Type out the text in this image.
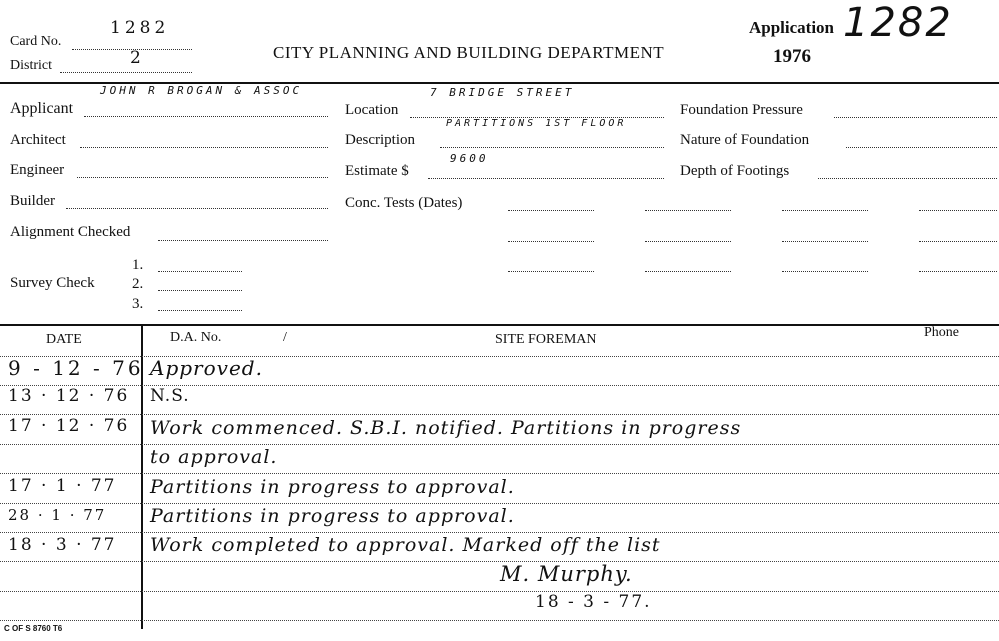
Card No.
1282
District	2	CITY PLANNING AND BUILDING DEPARTMENT
Application 1282
1976
Applicant
JOHN R BROGAN & ASSOC
Architect
Engineer
Builder
Alignment Checked
Survey Check
1.
2.
3.
Location
7 BRIDGE STREET
Description
PARTITIONS 1ST FLOOR
Estimate $
9600
Conc. Tests (Dates)
Foundation Pressure
Nature of Foundation
Depth of Footings
DATE	D.A. No.	/	SITE FOREMAN	Phone
9 - 12 - 76 Approved.
13 · 12 · 76 N.S.
17 · 12 · 76 Work commenced. S.B.I. notified. Partitions in progress
to approval.
17 · 1 · 77 Partitions in progress to approval.
28 · 1 · 77 Partitions in progress to approval.
18 · 3 · 77 Work completed to approval. Marked off the list
M. Murphy.
18 - 3 - 77.
C OF S 8760 T6
